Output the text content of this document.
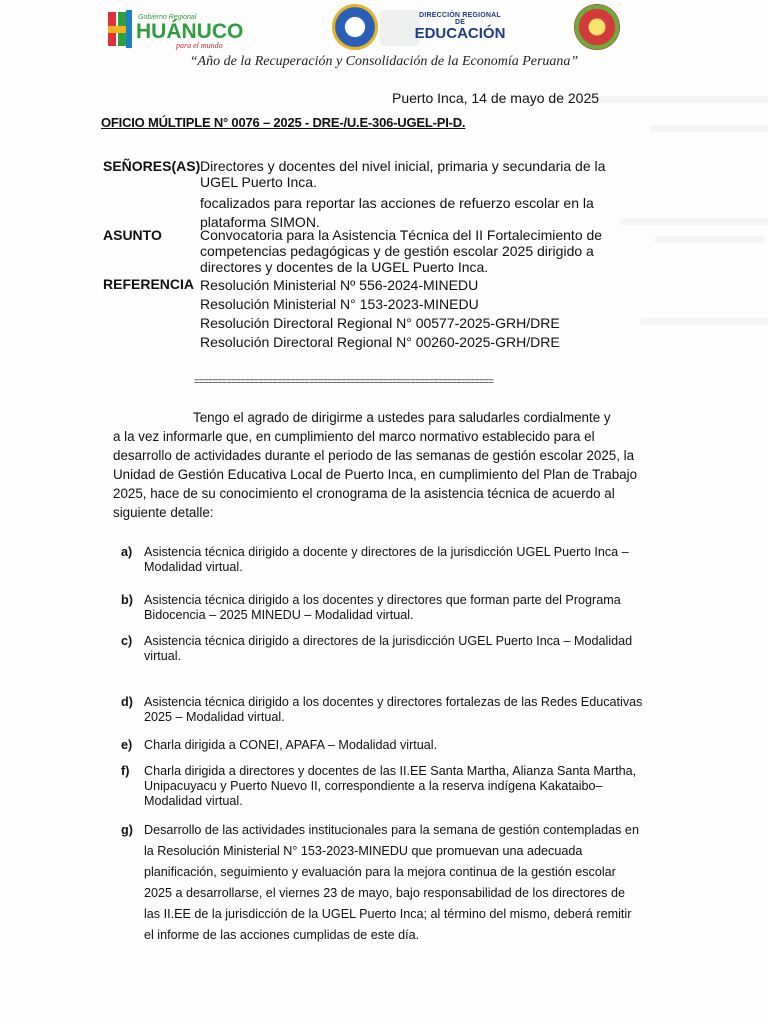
Gobierno Regional
HUÁNUCO
para el mundo
DIRECCIÓN REGIONAL DE
EDUCACIÓN
“Año de la Recuperación y Consolidación de la Economía Peruana”
Puerto Inca, 14 de mayo de 2025
OFICIO MÚLTIPLE N° 0076 – 2025 - DRE-/U.E-306-UGEL-PI-D.
SEÑORES(AS) Directores y docentes del nivel inicial, primaria y secundaria de la
UGEL Puerto Inca.
focalizados para reportar las acciones de refuerzo escolar en la
plataforma SIMON.
ASUNTO	Convocatoria para la Asistencia Técnica del II Fortalecimiento de
competencias pedagógicas y de gestión escolar 2025 dirigido a
directores y docentes de la UGEL Puerto Inca.
REFERENCIA Resolución Ministerial Nº 556-2024-MINEDU
Resolución Ministerial N° 153-2023-MINEDU
Resolución Directoral Regional N° 00577-2025-GRH/DRE
Resolución Directoral Regional N° 00260-2025-GRH/DRE
=================================================================
Tengo el agrado de dirigirme a ustedes para saludarles cordialmente y
a la vez informarle que, en cumplimiento del marco normativo establecido para el
desarrollo de actividades durante el periodo de las semanas de gestión escolar 2025, la
Unidad de Gestión Educativa Local de Puerto Inca, en cumplimiento del Plan de Trabajo
2025, hace de su conocimiento el cronograma de la asistencia técnica de acuerdo al
siguiente detalle:
a) Asistencia técnica dirigido a docente y directores de la jurisdicción UGEL Puerto Inca –
Modalidad virtual.
b) Asistencia técnica dirigido a los docentes y directores que forman parte del Programa
Bidocencia – 2025 MINEDU – Modalidad virtual.
c) Asistencia técnica dirigido a directores de la jurisdicción UGEL Puerto Inca – Modalidad
virtual.
d) Asistencia técnica dirigido a los docentes y directores fortalezas de las Redes Educativas
2025 – Modalidad virtual.
e) Charla dirigida a CONEI, APAFA – Modalidad virtual.
f) Charla dirigida a directores y docentes de las II.EE Santa Martha, Alianza Santa Martha,
Unipacuyacu y Puerto Nuevo II, correspondiente a la reserva indígena Kakataibo–
Modalidad virtual.
g) Desarrollo de las actividades institucionales para la semana de gestión contempladas en
la Resolución Ministerial N° 153-2023-MINEDU que promuevan una adecuada
planificación, seguimiento y evaluación para la mejora continua de la gestión escolar
2025 a desarrollarse, el viernes 23 de mayo, bajo responsabilidad de los directores de
las II.EE de la jurisdicción de la UGEL Puerto Inca; al término del mismo, deberá remitir
el informe de las acciones cumplidas de este día.
